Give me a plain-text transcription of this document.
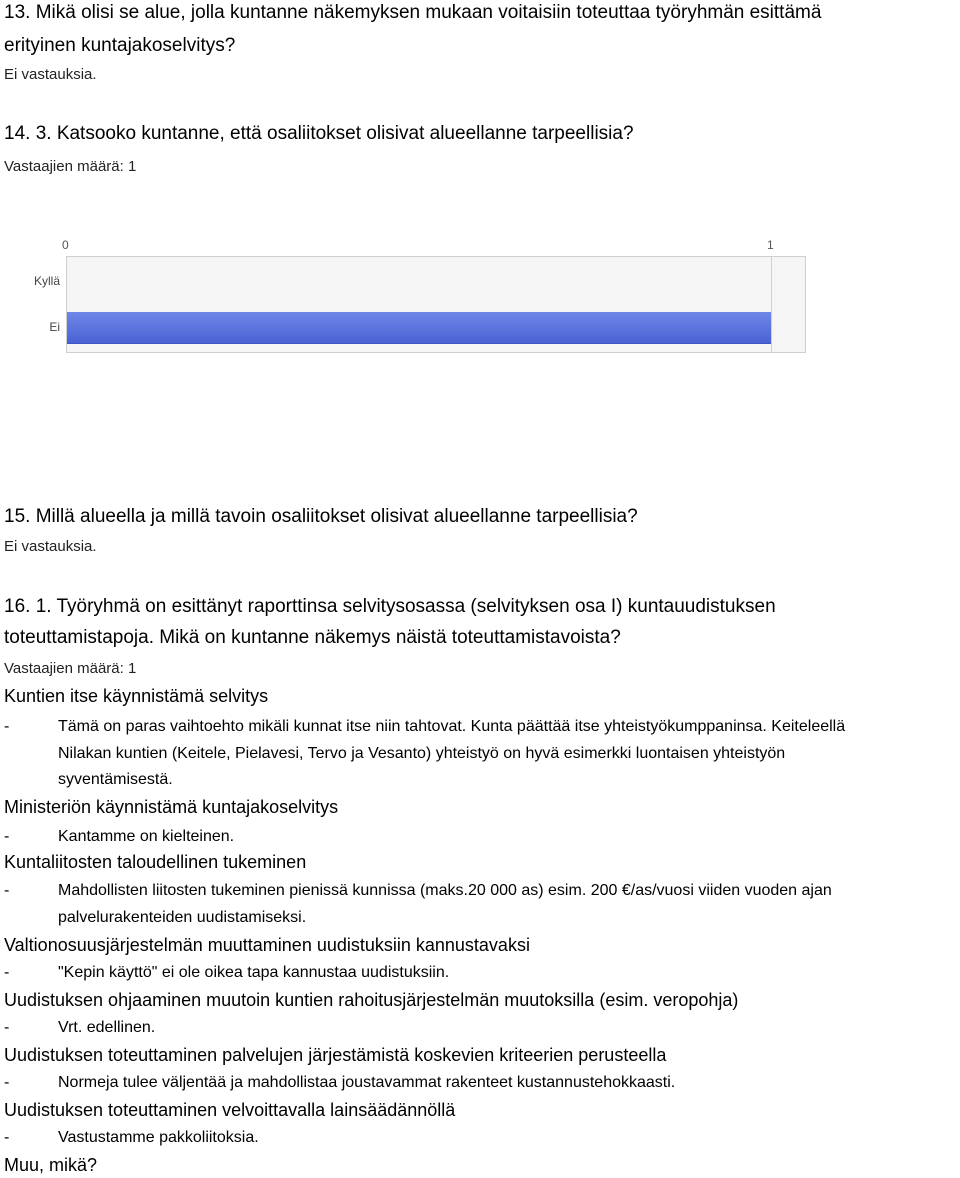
13. Mikä olisi se alue, jolla kuntanne näkemyksen mukaan voitaisiin toteuttaa työryhmän esittämä
erityinen kuntajakoselvitys?
Ei vastauksia.
14. 3. Katsooko kuntanne, että osaliitokset olisivat alueellanne tarpeellisia?
Vastaajien määrä: 1
0	1
Kyllä
Ei
15. Millä alueella ja millä tavoin osaliitokset olisivat alueellanne tarpeellisia?
Ei vastauksia.
16. 1. Työryhmä on esittänyt raporttinsa selvitysosassa (selvityksen osa I) kuntauudistuksen
toteuttamistapoja. Mikä on kuntanne näkemys näistä toteuttamistavoista?
Vastaajien määrä: 1
Kuntien itse käynnistämä selvitys
-	Tämä on paras vaihtoehto mikäli kunnat itse niin tahtovat. Kunta päättää itse yhteistyökumppaninsa. Keiteleellä
Nilakan kuntien (Keitele, Pielavesi, Tervo ja Vesanto) yhteistyö on hyvä esimerkki luontaisen yhteistyön
syventämisestä.
Ministeriön käynnistämä kuntajakoselvitys
-	Kantamme on kielteinen.
Kuntaliitosten taloudellinen tukeminen
-	Mahdollisten liitosten tukeminen pienissä kunnissa (maks.20 000 as) esim. 200 €/as/vuosi viiden vuoden ajan
palvelurakenteiden uudistamiseksi.
Valtionosuusjärjestelmän muuttaminen uudistuksiin kannustavaksi
-	"Kepin käyttö" ei ole oikea tapa kannustaa uudistuksiin.
Uudistuksen ohjaaminen muutoin kuntien rahoitusjärjestelmän muutoksilla (esim. veropohja)
-	Vrt. edellinen.
Uudistuksen toteuttaminen palvelujen järjestämistä koskevien kriteerien perusteella
-	Normeja tulee väljentää ja mahdollistaa joustavammat rakenteet kustannustehokkaasti.
Uudistuksen toteuttaminen velvoittavalla lainsäädännöllä
-	Vastustamme pakkoliitoksia.
Muu, mikä?
